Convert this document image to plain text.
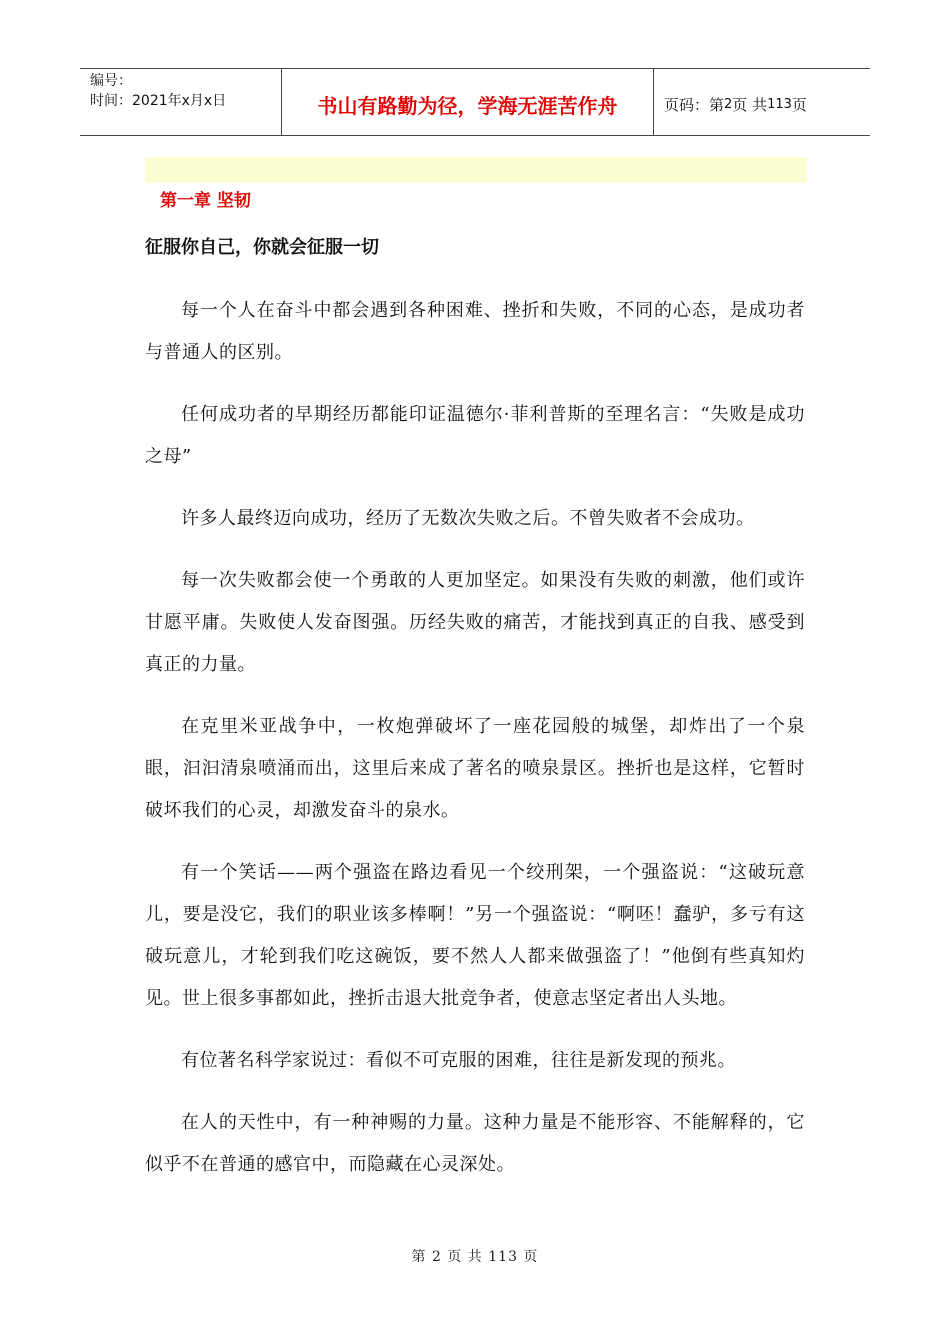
编号：
时间：2021年x月x日	书山有路勤为径，学海无涯苦作舟	页码：第 2 页 共 113 页
第一章 坚韧
征服你自己，你就会征服一切

每一个人在奋斗中都会遇到各种困难、挫折和失败，不同的心态，是成功者与普通人的区别。

任何成功者的早期经历都能印证温德尔·菲利普斯的至理名言：“失败是成功之母”

许多人最终迈向成功，经历了无数次失败之后。不曾失败者不会成功。

每一次失败都会使一个勇敢的人更加坚定。如果没有失败的刺激，他们或许甘愿平庸。失败使人发奋图强。历经失败的痛苦，才能找到真正的自我、感受到真正的力量。

在克里米亚战争中，一枚炮弹破坏了一座花园般的城堡，却炸出了一个泉眼，汩汩清泉喷涌而出，这里后来成了著名的喷泉景区。挫折也是这样，它暂时破坏我们的心灵，却激发奋斗的泉水。

有一个笑话——两个强盗在路边看见一个绞刑架，一个强盗说：“这破玩意儿，要是没它，我们的职业该多棒啊！”另一个强盗说：“啊呸！蠢驴，多亏有这破玩意儿，才轮到我们吃这碗饭，要不然人人都来做强盗了！”他倒有些真知灼见。世上很多事都如此，挫折击退大批竞争者，使意志坚定者出人头地。

有位著名科学家说过：看似不可克服的困难，往往是新发现的预兆。

在人的天性中，有一种神赐的力量。这种力量是不能形容、不能解释的，它似乎不在普通的感官中，而隐藏在心灵深处。

第 2 页 共 113 页
